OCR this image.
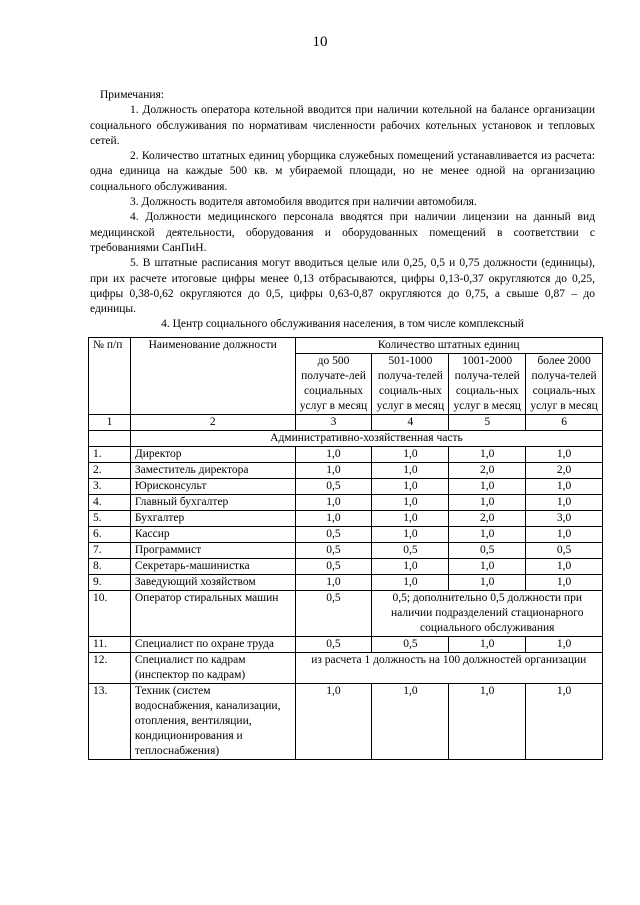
10

Примечания:

1. Должность оператора котельной вводится при наличии котельной на балансе организации социального обслуживания по нормативам численности рабочих котельных установок и тепловых сетей.

2. Количество штатных единиц уборщика служебных помещений устанавливается из расчета: одна единица на каждые 500 кв. м убираемой площади, но не менее одной на организацию социального обслуживания.

3. Должность водителя автомобиля вводится при наличии автомобиля.

4. Должности медицинского персонала вводятся при наличии лицензии на данный вид медицинской деятельности, оборудования и оборудованных помещений в соответствии с требованиями СанПиН.

5. В штатные расписания могут вводиться целые или 0,25, 0,5 и 0,75 должности (единицы), при их расчете итоговые цифры менее 0,13 отбрасываются, цифры 0,13-0,37 округляются до 0,25, цифры 0,38-0,62 округляются до 0,5, цифры 0,63-0,87 округляются до 0,75, а свыше 0,87 – до единицы.

4. Центр социального обслуживания населения, в том числе комплексный
№ п/п	Наименование должности	Количество штатных единиц			
		до 500 получате-лей социальных услуг в месяц	501-1000 получа-телей социаль-ных услуг в месяц	1001-2000 получа-телей социаль-ных услуг в месяц	более 2000 получа-телей социаль-ных услуг в месяц
1	2	3	4	5	6
	Административно-хозяйственная часть				
1.	Директор	1,0	1,0	1,0	1,0
2.	Заместитель директора	1,0	1,0	2,0	2,0
3.	Юрисконсульт	0,5	1,0	1,0	1,0
4.	Главный бухгалтер	1,0	1,0	1,0	1,0
5.	Бухгалтер	1,0	1,0	2,0	3,0
6.	Кассир	0,5	1,0	1,0	1,0
7.	Программист	0,5	0,5	0,5	0,5
8.	Секретарь-машинистка	0,5	1,0	1,0	1,0
9.	Заведующий хозяйством	1,0	1,0	1,0	1,0
10.	Оператор стиральных машин	0,5	0,5; дополнительно 0,5 должности при наличии подразделений стационарного социального обслуживания		
11.	Специалист по охране труда	0,5	0,5	1,0	1,0
12.	Специалист по кадрам (инспектор по кадрам)	из расчета 1 должность на 100 должностей организации			
13.	Техник (систем водоснабжения, канализации, отопления, вентиляции, кондиционирования и теплоснабжения)	1,0	1,0	1,0	1,0
